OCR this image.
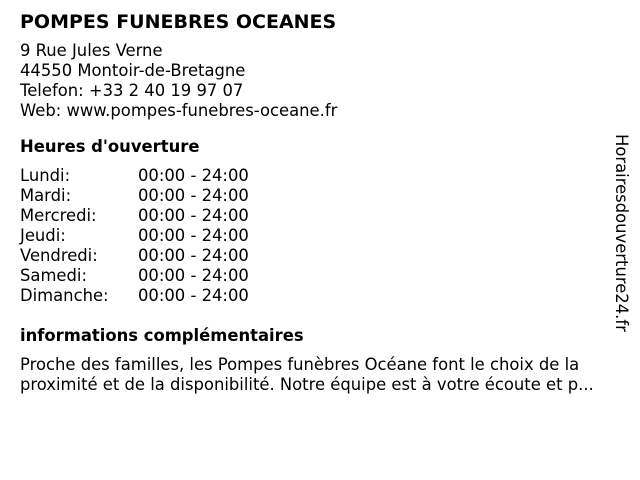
POMPES FUNEBRES OCEANES
9 Rue Jules Verne
44550 Montoir-de-Bretagne
Telefon: +33 2 40 19 97 07
Web: www.pompes-funebres-oceane.fr
Heures d'ouverture
Lundi:	00:00 - 24:00
Mardi:	00:00 - 24:00
Mercredi:	00:00 - 24:00
Jeudi:	00:00 - 24:00
Vendredi:	00:00 - 24:00
Samedi:	00:00 - 24:00
Dimanche:	00:00 - 24:00
informations complémentaires
Proche des familles, les Pompes funèbres Océane font le choix de la
proximité et de la disponibilité. Notre équipe est à votre écoute et p...
Horairesdouverture24.fr
